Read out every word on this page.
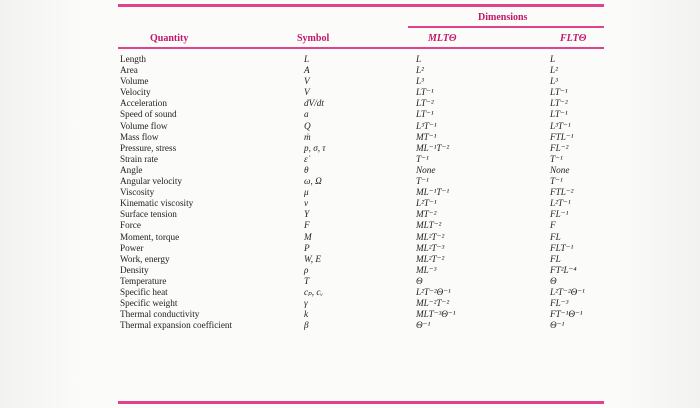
Dimensions
Quantity	Symbol	MLTΘ	FLTΘ
Length	L	L	L
Area	A	L²	L²
Volume	V	L³	L³
Velocity	V	LT⁻¹	LT⁻¹
Acceleration	dV/dt	LT⁻²	LT⁻²
Speed of sound	a	LT⁻¹	LT⁻¹
Volume flow	Q	L³T⁻¹	L³T⁻¹
Mass flow	ṁ	MT⁻¹	FTL⁻¹
Pressure, stress	p, σ, τ	ML⁻¹T⁻²	FL⁻²
Strain rate	ε̇	T⁻¹	T⁻¹
Angle	θ	None	None
Angular velocity	ω, Ω	T⁻¹	T⁻¹
Viscosity	μ	ML⁻¹T⁻¹	FTL⁻²
Kinematic viscosity	ν	L²T⁻¹	L²T⁻¹
Surface tension	Y	MT⁻²	FL⁻¹
Force	F	MLT⁻²	F
Moment, torque	M	ML²T⁻²	FL
Power	P	ML²T⁻³	FLT⁻¹
Work, energy	W, E	ML²T⁻²	FL
Density	ρ	ML⁻³	FT²L⁻⁴
Temperature	T	Θ	Θ
Specific heat	cₚ, cᵥ	L²T⁻²Θ⁻¹	L²T⁻²Θ⁻¹
Specific weight	γ	ML⁻²T⁻²	FL⁻³
Thermal conductivity	k	MLT⁻³Θ⁻¹	FT⁻¹Θ⁻¹
Thermal expansion coefficient	β	Θ⁻¹	Θ⁻¹
